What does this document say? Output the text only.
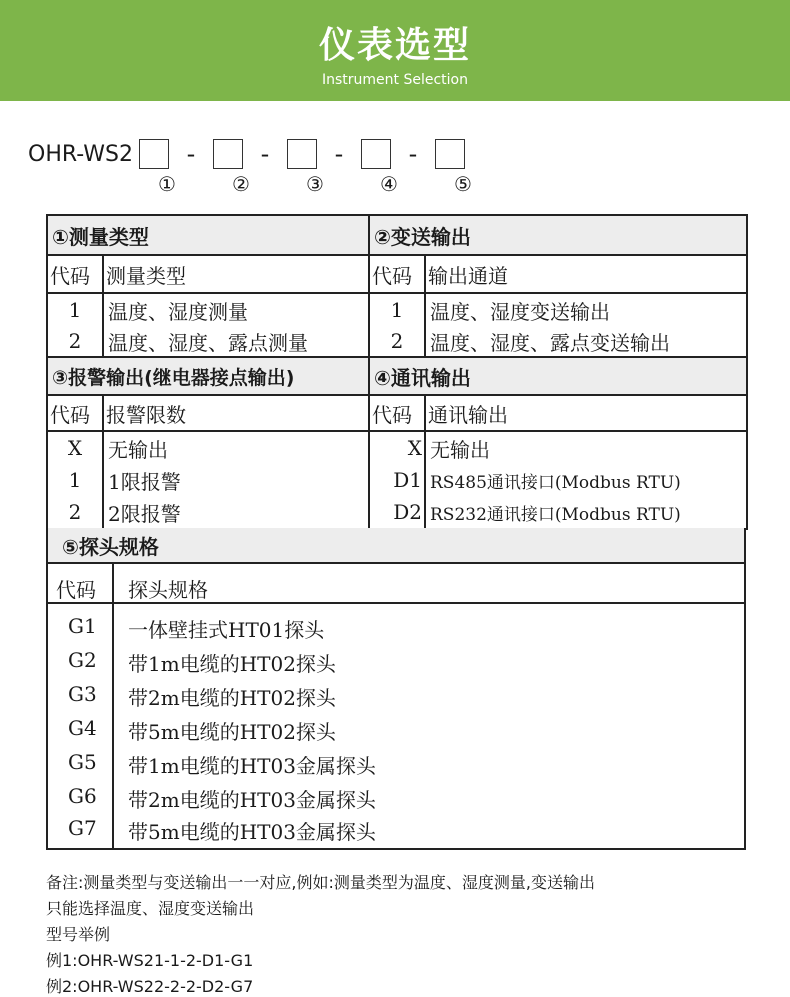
仪表选型
Instrument Selection
OHR-WS2	-	-	-	-
①	②	③	④	⑤
①测量类型	②变送输出
代码 测量类型	代码 输出通道
1	温度、湿度测量	1	温度、湿度变送输出
2	温度、湿度、露点测量	2	温度、湿度、露点变送输出
③报警输出(继电器接点输出)	④通讯输出
代码 报警限数	代码 通讯输出
X	无输出	X 无输出
1	1限报警	D1 RS485通讯接口(Modbus RTU)
2	2限报警	D2 RS232通讯接口(Modbus RTU)
⑤探头规格
代码 探头规格
G1 一体壁挂式HT01探头
G2 带1m电缆的HT02探头
G3 带2m电缆的HT02探头
G4 带5m电缆的HT02探头
G5 带1m电缆的HT03金属探头
G6 带2m电缆的HT03金属探头
G7 带5m电缆的HT03金属探头
备注:测量类型与变送输出一一对应,例如:测量类型为温度、湿度测量,变送输出
只能选择温度、湿度变送输出
型号举例
例1:OHR-WS21-1-2-D1-G1
例2:OHR-WS22-2-2-D2-G7
